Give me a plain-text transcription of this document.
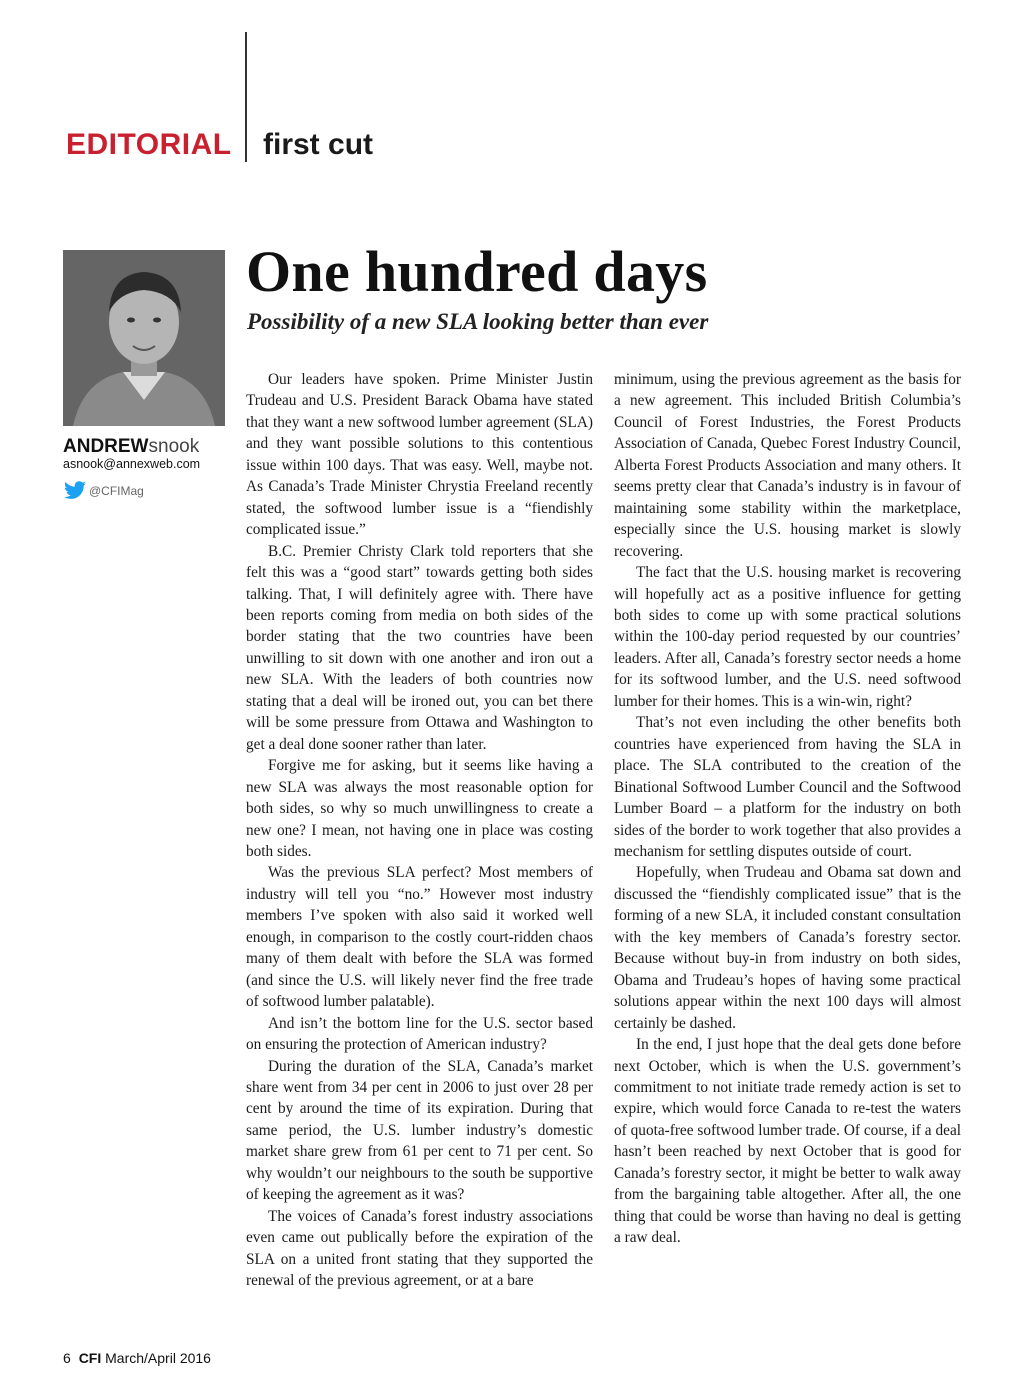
EDITORIAL first cut
ANDREWsnook
asnook@annexweb.com
@CFIMag
One hundred days
Possibility of a new SLA looking better than ever

Our leaders have spoken. Prime Minister Justin Trudeau and U.S. President Barack Obama have stated that they want a new softwood lumber agreement (SLA) and they want possible solutions to this contentious issue within 100 days. That was easy. Well, maybe not. As Canada’s Trade Minister Chrystia Freeland recently stated, the softwood lumber issue is a “fiendishly complicated issue.”

B.C. Premier Christy Clark told reporters that she felt this was a “good start” towards getting both sides talking. That, I will definitely agree with. There have been reports coming from media on both sides of the border stating that the two countries have been unwilling to sit down with one another and iron out a new SLA. With the leaders of both countries now stating that a deal will be ironed out, you can bet there will be some pressure from Ottawa and Washington to get a deal done sooner rather than later.

Forgive me for asking, but it seems like having a new SLA was always the most reasonable option for both sides, so why so much unwillingness to create a new one? I mean, not having one in place was costing both sides.

Was the previous SLA perfect? Most members of industry will tell you “no.” However most industry members I’ve spoken with also said it worked well enough, in comparison to the costly court-ridden chaos many of them dealt with before the SLA was formed (and since the U.S. will likely never find the free trade of softwood lumber palatable).

And isn’t the bottom line for the U.S. sector based on ensuring the protection of American industry?

During the duration of the SLA, Canada’s market share went from 34 per cent in 2006 to just over 28 per cent by around the time of its expiration. During that same period, the U.S. lumber industry’s domestic market share grew from 61 per cent to 71 per cent. So why wouldn’t our neighbours to the south be supportive of keeping the agreement as it was?

The voices of Canada’s forest industry associations even came out publically before the expiration of the SLA on a united front stating that they supported the renewal of the previous agreement, or at a bare

minimum, using the previous agreement as the basis for a new agreement. This included British Columbia’s Council of Forest Industries, the Forest Products Association of Canada, Quebec Forest Industry Council, Alberta Forest Products Association and many others. It seems pretty clear that Canada’s industry is in favour of maintaining some stability within the marketplace, especially since the U.S. housing market is slowly recovering.

The fact that the U.S. housing market is recovering will hopefully act as a positive influence for getting both sides to come up with some practical solutions within the 100-day period requested by our countries’ leaders. After all, Canada’s forestry sector needs a home for its softwood lumber, and the U.S. need softwood lumber for their homes. This is a win-win, right?

That’s not even including the other benefits both countries have experienced from having the SLA in place. The SLA contributed to the creation of the Binational Softwood Lumber Council and the Softwood Lumber Board – a platform for the industry on both sides of the border to work together that also provides a mechanism for settling disputes outside of court.

Hopefully, when Trudeau and Obama sat down and discussed the “fiendishly complicated issue” that is the forming of a new SLA, it included constant consultation with the key members of Canada’s forestry sector. Because without buy-in from industry on both sides, Obama and Trudeau’s hopes of having some practical solutions appear within the next 100 days will almost certainly be dashed.

In the end, I just hope that the deal gets done before next October, which is when the U.S. government’s commitment to not initiate trade remedy action is set to expire, which would force Canada to re-test the waters of quota-free softwood lumber trade. Of course, if a deal hasn’t been reached by next October that is good for Canada’s forestry sector, it might be better to walk away from the bargaining table altogether. After all, the one thing that could be worse than having no deal is getting a raw deal.

6 CFI March/April 2016
